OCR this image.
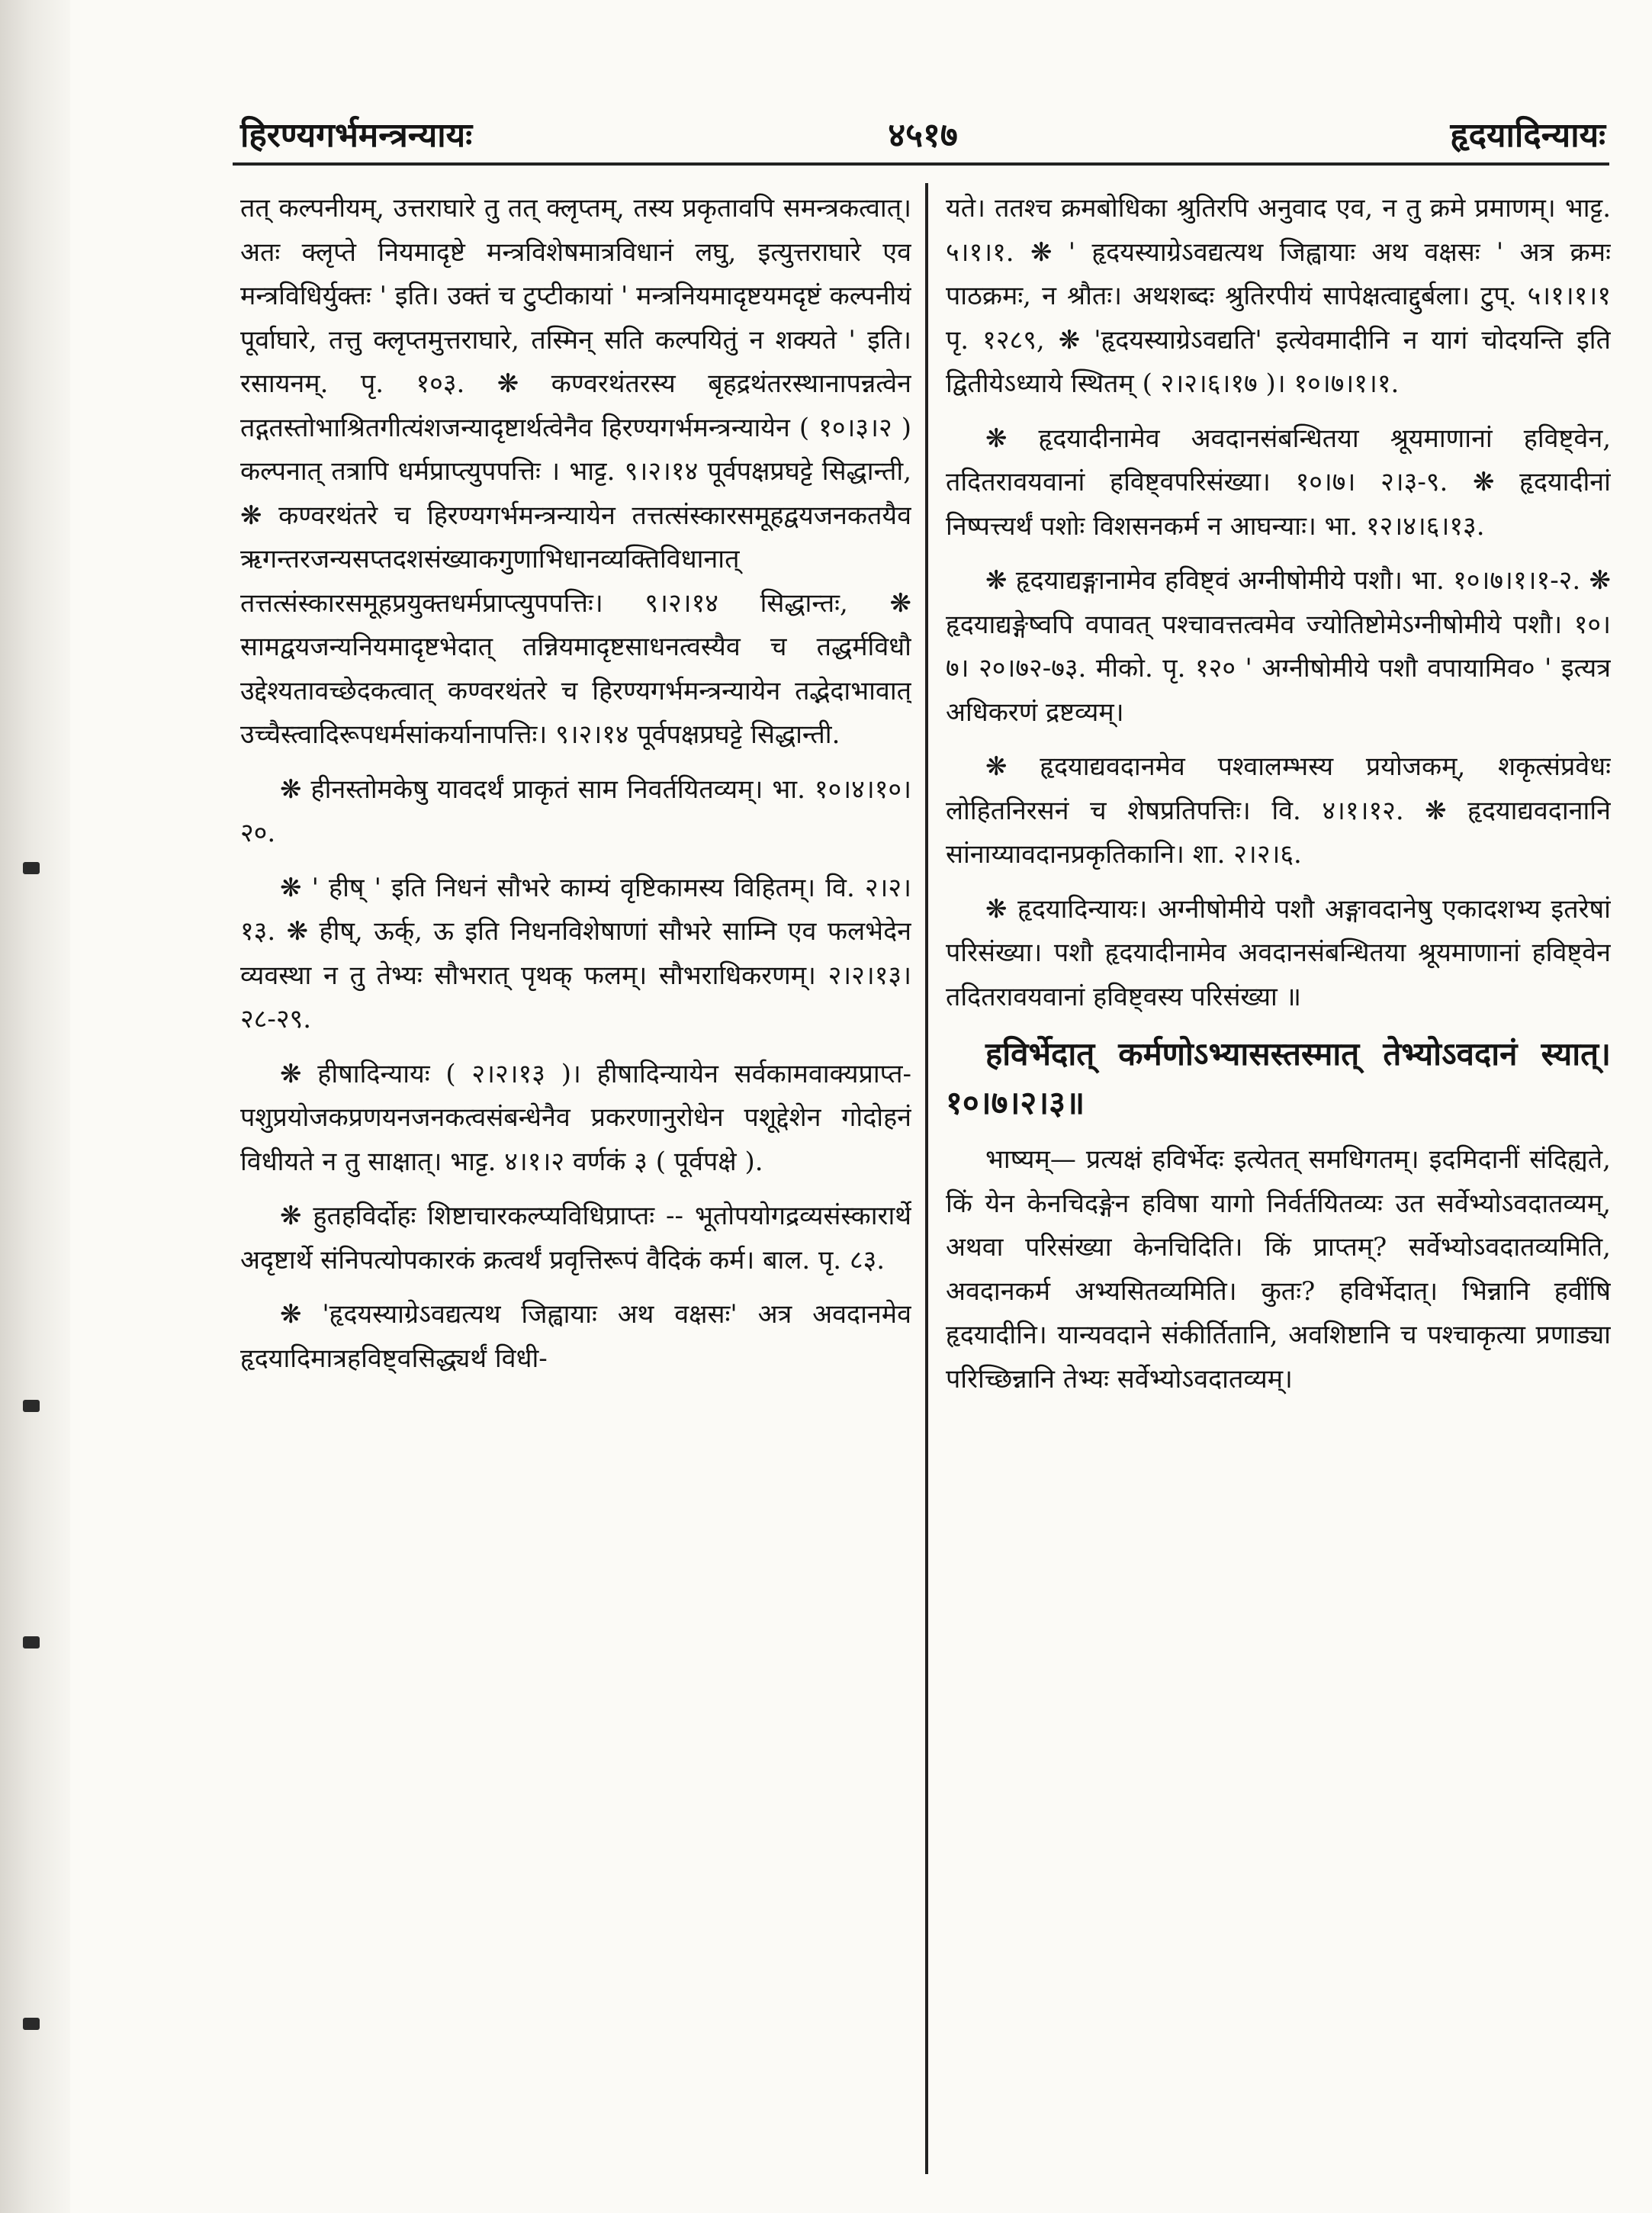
हिरण्यगर्भमन्त्रन्यायः	४५१७	हृदयादिन्यायः

तत् कल्पनीयम्, उत्तराघारे तु तत् क्लृप्तम्, तस्य प्रकृतावपि समन्त्रकत्वात्। अतः क्लृप्ते नियमादृष्टे मन्त्रविशेषमात्रविधानं लघु, इत्युत्तराघारे एव मन्त्रविधिर्युक्तः ' इति। उक्तं च टुप्टीकायां ' मन्त्रनियमादृष्टयमदृष्टं कल्पनीयं पूर्वाघारे, तत्तु क्लृप्तमुत्तराघारे, तस्मिन् सति कल्पयितुं न शक्यते ' इति। रसायनम्. पृ. १०३. ❋ कण्वरथंतरस्य बृहद्रथंतरस्थानापन्नत्वेन तद्गतस्तोभाश्रितगीत्यंशजन्यादृष्टार्थत्वेनैव हिरण्यगर्भमन्त्रन्यायेन ( १०।३।२ ) कल्पनात् तत्रापि धर्मप्राप्त्युपपत्तिः । भाट्ट. ९।२।१४ पूर्वपक्षप्रघट्टे सिद्धान्ती, ❋ कण्वरथंतरे च हिरण्यगर्भमन्त्रन्यायेन तत्तत्संस्कारसमूहद्वयजनकतयैव ऋगन्तरजन्यसप्तदशसंख्याकगुणाभिधानव्यक्तिविधानात् तत्तत्संस्कारसमूहप्रयुक्तधर्मप्राप्त्युपपत्तिः। ९।२।१४ सिद्धान्तः, ❋ सामद्वयजन्यनियमादृष्टभेदात् तन्नियमादृष्टसाधनत्वस्यैव च तद्धर्मविधौ उद्देश्यतावच्छेदकत्वात् कण्वरथंतरे च हिरण्यगर्भमन्त्रन्यायेन तद्भेदाभावात् उच्चैस्त्वादिरूपधर्मसांकर्यानापत्तिः। ९।२।१४ पूर्वपक्षप्रघट्टे सिद्धान्ती.

❋ हीनस्तोमकेषु यावदर्थं प्राकृतं साम निवर्तयितव्यम्। भा. १०।४।१०।२०.

❋ ' हीष् ' इति निधनं सौभरे काम्यं वृष्टिकामस्य विहितम्। वि. २।२।१३. ❋ हीष्, ऊर्क्, ऊ इति निधनविशेषाणां सौभरे साम्नि एव फलभेदेन व्यवस्था न तु तेभ्यः सौभरात् पृथक् फलम्। सौभराधिकरणम्। २।२।१३।२८-२९.

❋ हीषादिन्यायः ( २।२।१३ )। हीषादिन्यायेन सर्वकामवाक्यप्राप्त-पशुप्रयोजकप्रणयनजनकत्वसंबन्धेनैव प्रकरणानुरोधेन पशूद्देशेन गोदोहनं विधीयते न तु साक्षात्। भाट्ट. ४।१।२ वर्णकं ३ ( पूर्वपक्षे ).

❋ हुतहविर्दोहः शिष्टाचारकल्प्यविधिप्राप्तः -- भूतोपयोगद्रव्यसंस्कारार्थे अदृष्टार्थे संनिपत्योपकारकं क्रत्वर्थं प्रवृत्तिरूपं वैदिकं कर्म। बाल. पृ. ८३.

❋ 'हृदयस्याग्रेऽवद्यत्यथ जिह्वायाः अथ वक्षसः' अत्र अवदानमेव हृदयादिमात्रहविष्ट्वसिद्ध्यर्थं विधी-

यते। ततश्च क्रमबोधिका श्रुतिरपि अनुवाद एव, न तु क्रमे प्रमाणम्। भाट्ट. ५।१।१. ❋ ' हृदयस्याग्रेऽवद्यत्यथ जिह्वायाः अथ वक्षसः ' अत्र क्रमः पाठक्रमः, न श्रौतः। अथशब्दः श्रुतिरपीयं सापेक्षत्वाद्दुर्बला। टुप्. ५।१।१।१ पृ. १२८९, ❋ 'हृदयस्याग्रेऽवद्यति' इत्येवमादीनि न यागं चोदयन्ति इति द्वितीयेऽध्याये स्थितम् ( २।२।६।१७ )। १०।७।१।१.

❋ हृदयादीनामेव अवदानसंबन्धितया श्रूयमाणानां हविष्ट्वेन, तदितरावयवानां हविष्ट्वपरिसंख्या। १०।७। २।३-९. ❋ हृदयादीनां निष्पत्त्यर्थं पशोः विशसनकर्म न आघन्याः। भा. १२।४।६।१३.

❋ हृदयाद्यङ्गानामेव हविष्ट्वं अग्नीषोमीये पशौ। भा. १०।७।१।१-२. ❋ हृदयाद्यङ्गेष्वपि वपावत् पश्चावत्तत्वमेव ज्योतिष्टोमेऽग्नीषोमीये पशौ। १०।७। २०।७२-७३. मीको. पृ. १२० ' अग्नीषोमीये पशौ वपायामिव० ' इत्यत्र अधिकरणं द्रष्टव्यम्।

❋ हृदयाद्यवदानमेव पश्वालम्भस्य प्रयोजकम्, शकृत्संप्रवेधः लोहितनिरसनं च शेषप्रतिपत्तिः। वि. ४।१।१२. ❋ हृदयाद्यवदानानि सांनाय्यावदानप्रकृतिकानि। शा. २।२।६.

❋ हृदयादिन्यायः। अग्नीषोमीये पशौ अङ्गावदानेषु एकादशभ्य इतरेषां परिसंख्या। पशौ हृदयादीनामेव अवदानसंबन्धितया श्रूयमाणानां हविष्ट्वेन तदितरावयवानां हविष्ट्वस्य परिसंख्या ॥

हविर्भेदात् कर्मणोऽभ्यासस्तस्मात् तेभ्योऽवदानं स्यात्। १०।७।२।३॥

भाष्यम्— प्रत्यक्षं हविर्भेदः इत्येतत् समधिगतम्। इदमिदानीं संदिह्यते, किं येन केनचिदङ्गेन हविषा यागो निर्वर्तयितव्यः उत सर्वेभ्योऽवदातव्यम्, अथवा परिसंख्या केनचिदिति। किं प्राप्तम्? सर्वेभ्योऽवदातव्यमिति, अवदानकर्म अभ्यसितव्यमिति। कुतः? हविर्भेदात्। भिन्नानि हवींषि हृदयादीनि। यान्यवदाने संकीर्तितानि, अवशिष्टानि च पश्चाकृत्या प्रणाड्या परिच्छिन्नानि तेभ्यः सर्वेभ्योऽवदातव्यम्।
